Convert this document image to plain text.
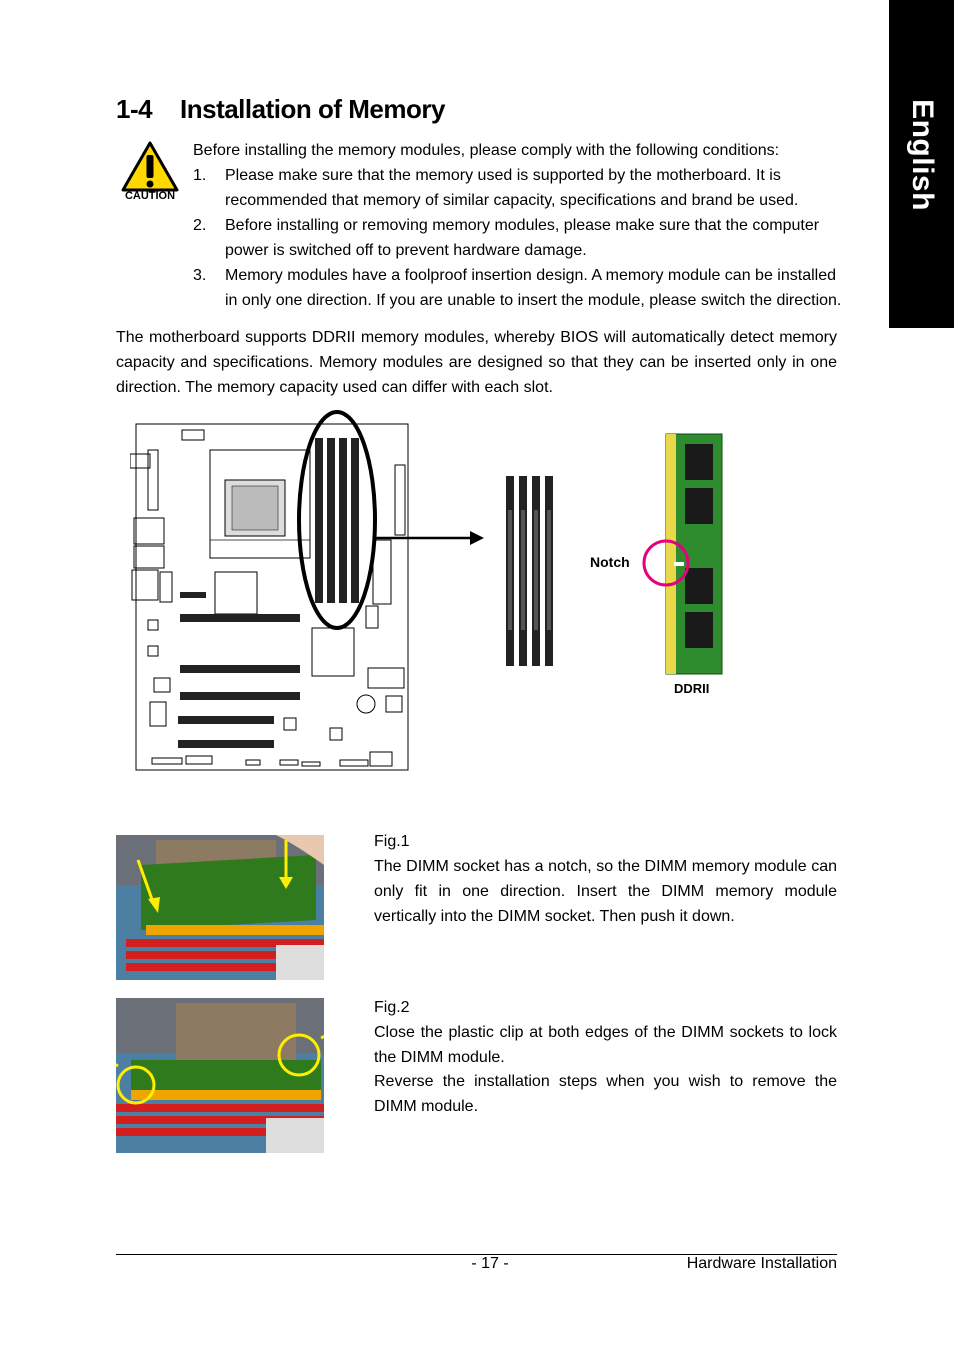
English
1-4 Installation of Memory
CAUTION
Before installing the memory modules, please comply with the following conditions:
1. Please make sure that the memory used is supported by the motherboard. It is recommended that memory of similar capacity, specifications and brand be used.
2. Before installing or removing memory modules, please make sure that the computer power is switched off to prevent hardware damage.
3. Memory modules have a foolproof insertion design. A memory module can be installed in only one direction. If you are unable to insert the module, please switch the direction.
The motherboard supports DDRII memory modules, whereby BIOS will automatically detect memory capacity and specifications. Memory modules are designed so that they can be inserted only in one direction. The memory capacity used can differ with each slot.
Notch
DDRII
Fig.1
The DIMM socket has a notch, so the DIMM memory module can only fit in one direction. Insert the DIMM memory module vertically into the DIMM socket. Then push it down.
Fig.2
Close the plastic clip at both edges of the DIMM sockets to lock the DIMM module.
Reverse the installation steps when you wish to remove the DIMM module.
- 17 -	Hardware Installation
